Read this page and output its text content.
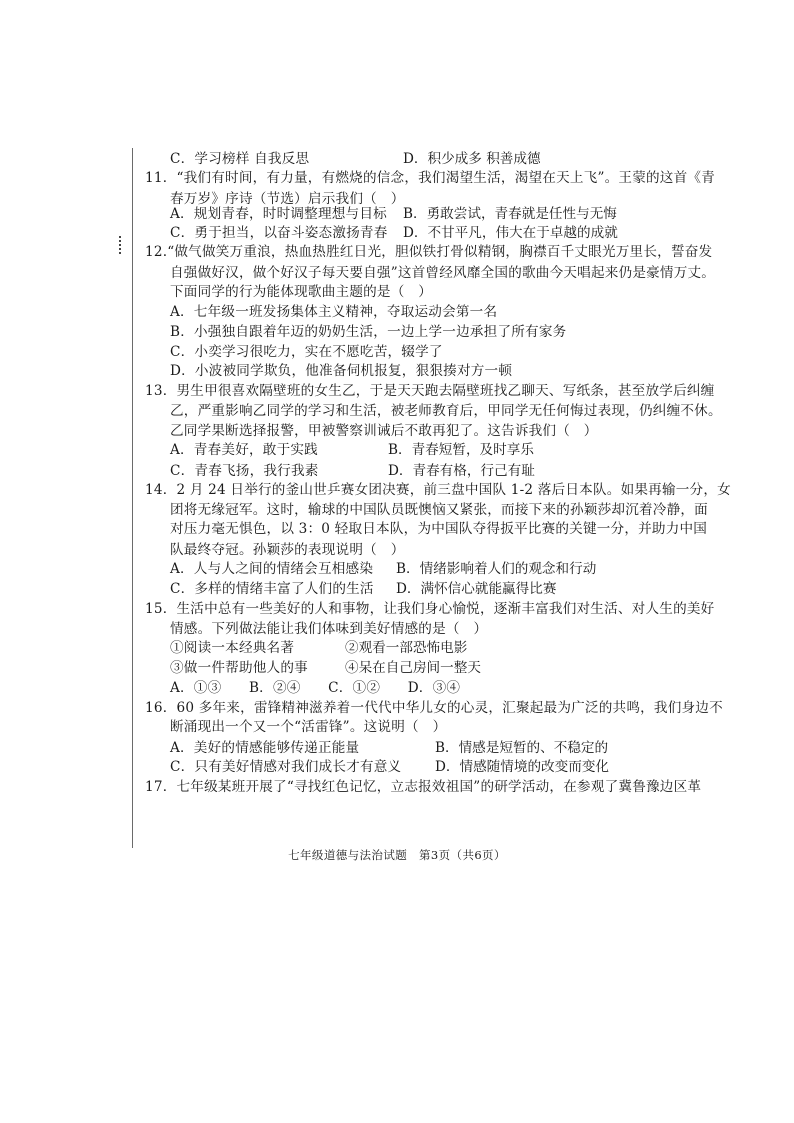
C．学习榜样 自我反思	D．积少成多 积善成德
11．“我们有时间，有力量，有燃烧的信念，我们渴望生活，渴望在天上飞”。王蒙的这首《青
春万岁》序诗（节选）启示我们（　）
A．规划青春，时时调整理想与目标 B．勇敢尝试，青春就是任性与无悔
C．勇于担当，以奋斗姿态激扬青春 D．不甘平凡，伟大在于卓越的成就
12.“做气做笑万重浪，热血热胜红日光，胆似铁打骨似精钢，胸襟百千丈眼光万里长，誓奋发
自强做好汉，做个好汉子每天要自强”这首曾经风靡全国的歌曲今天唱起来仍是豪情万丈。
下面同学的行为能体现歌曲主题的是（　）
A．七年级一班发扬集体主义精神，夺取运动会第一名
B．小强独自跟着年迈的奶奶生活，一边上学一边承担了所有家务
C．小奕学习很吃力，实在不愿吃苦，辍学了
D．小波被同学欺负，他准备伺机报复，狠狠揍对方一顿
13．男生甲很喜欢隔壁班的女生乙，于是天天跑去隔壁班找乙聊天、写纸条，甚至放学后纠缠
乙，严重影响乙同学的学习和生活，被老师教育后，甲同学无任何悔过表现，仍纠缠不休。
乙同学果断选择报警，甲被警察训诫后不敢再犯了。这告诉我们（　）
A．青春美好，敢于实践	B．青春短暂，及时享乐
C．青春飞扬，我行我素	D．青春有格，行己有耻
14．2 月 24 日举行的釜山世乒赛女团决赛，前三盘中国队 1-2 落后日本队。如果再输一分，女
团将无缘冠军。这时，输球的中国队员既懊恼又紧张，而接下来的孙颖莎却沉着冷静，面
对压力毫无惧色，以 3：0 轻取日本队，为中国队夺得扳平比赛的关键一分，并助力中国
队最终夺冠。孙颖莎的表现说明（　）
A．人与人之间的情绪会互相感染 B．情绪影响着人们的观念和行动
C．多样的情绪丰富了人们的生活 D．满怀信心就能赢得比赛
15．生活中总有一些美好的人和事物，让我们身心愉悦，逐渐丰富我们对生活、对人生的美好
情感。下列做法能让我们体味到美好情感的是（　）
①阅读一本经典名著	②观看一部恐怖电影
③做一件帮助他人的事	④呆在自己房间一整天
A．①③　　B．②④　　C．①②　　D．③④
16．60 多年来，雷锋精神滋养着一代代中华儿女的心灵，汇聚起最为广泛的共鸣，我们身边不
断涌现出一个又一个“活雷锋”。这说明（　）
A．美好的情感能够传递正能量	B．情感是短暂的、不稳定的
C．只有美好情感对我们成长才有意义 D．情感随情境的改变而变化
17．七年级某班开展了“寻找红色记忆，立志报效祖国”的研学活动，在参观了冀鲁豫边区革
七年级道德与法治试题　第3页（共6页）
